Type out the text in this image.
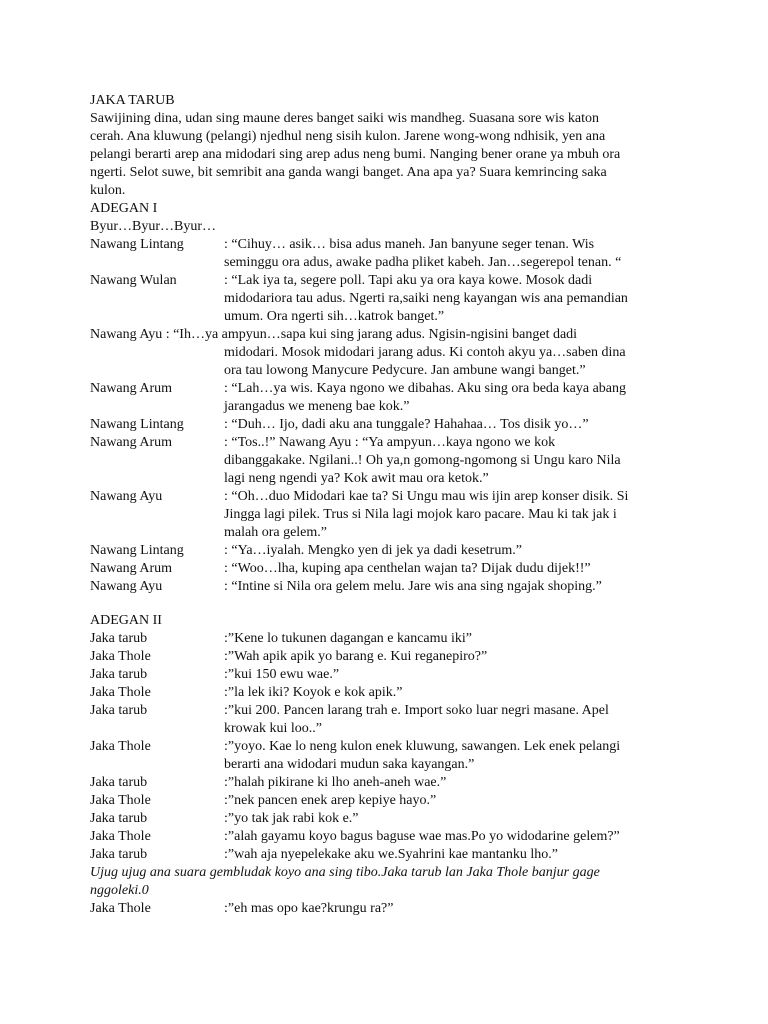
JAKA TARUB
Sawijining dina, udan sing maune deres banget saiki wis mandheg. Suasana sore wis katon
cerah. Ana kluwung (pelangi) njedhul neng sisih kulon. Jarene wong-wong ndhisik, yen ana
pelangi berarti arep ana midodari sing arep adus neng bumi. Nanging bener orane ya mbuh ora
ngerti. Selot suwe, bit semribit ana ganda wangi banget. Ana apa ya? Suara kemrincing saka
kulon.
ADEGAN I
Byur…Byur…Byur…
Nawang Lintang	: “Cihuy… asik… bisa adus maneh. Jan banyune seger tenan. Wis
seminggu ora adus, awake padha pliket kabeh. Jan…segerepol tenan. “
Nawang Wulan	: “Lak iya ta, segere poll. Tapi aku ya ora kaya kowe. Mosok dadi
midodariora tau adus. Ngerti ra,saiki neng kayangan wis ana pemandian
umum. Ora ngerti sih…katrok banget.”
Nawang Ayu : “Ih…ya ampyun…sapa kui sing jarang adus. Ngisin-ngisini banget dadi
midodari. Mosok midodari jarang adus. Ki contoh akyu ya…saben dina
ora tau lowong Manycure Pedycure. Jan ambune wangi banget.”
Nawang Arum	: “Lah…ya wis. Kaya ngono we dibahas. Aku sing ora beda kaya abang
jarangadus we meneng bae kok.”
Nawang Lintang	: “Duh… Ijo, dadi aku ana tunggale? Hahahaa… Tos disik yo…”
Nawang Arum	: “Tos..!” Nawang Ayu : “Ya ampyun…kaya ngono we kok
dibanggakake. Ngilani..! Oh ya,n gomong-ngomong si Ungu karo Nila
lagi neng ngendi ya? Kok awit mau ora ketok.”
Nawang Ayu	: “Oh…duo Midodari kae ta? Si Ungu mau wis ijin arep konser disik. Si
Jingga lagi pilek. Trus si Nila lagi mojok karo pacare. Mau ki tak jak i
malah ora gelem.”
Nawang Lintang	: “Ya…iyalah. Mengko yen di jek ya dadi kesetrum.”
Nawang Arum	: “Woo…lha, kuping apa centhelan wajan ta? Dijak dudu dijek!!”
Nawang Ayu	: “Intine si Nila ora gelem melu. Jare wis ana sing ngajak shoping.”
ADEGAN II
Jaka tarub	:”Kene lo tukunen dagangan e kancamu iki”
Jaka Thole	:”Wah apik apik yo barang e. Kui reganepiro?”
Jaka tarub	:”kui 150 ewu wae.”
Jaka Thole	:”la lek iki? Koyok e kok apik.”
Jaka tarub	:”kui 200. Pancen larang trah e. Import soko luar negri masane. Apel
krowak kui loo..”
Jaka Thole	:”yoyo. Kae lo neng kulon enek kluwung, sawangen. Lek enek pelangi
berarti ana widodari mudun saka kayangan.”
Jaka tarub	:”halah pikirane ki lho aneh-aneh wae.”
Jaka Thole	:”nek pancen enek arep kepiye hayo.”
Jaka tarub	:”yo tak jak rabi kok e.”
Jaka Thole	:”alah gayamu koyo bagus baguse wae mas.Po yo widodarine gelem?”
Jaka tarub	:”wah aja nyepelekake aku we.Syahrini kae mantanku lho.”
Ujug ujug ana suara gembludak koyo ana sing tibo.Jaka tarub lan Jaka Thole banjur gage
nggoleki.0
Jaka Thole	:”eh mas opo kae?krungu ra?”
